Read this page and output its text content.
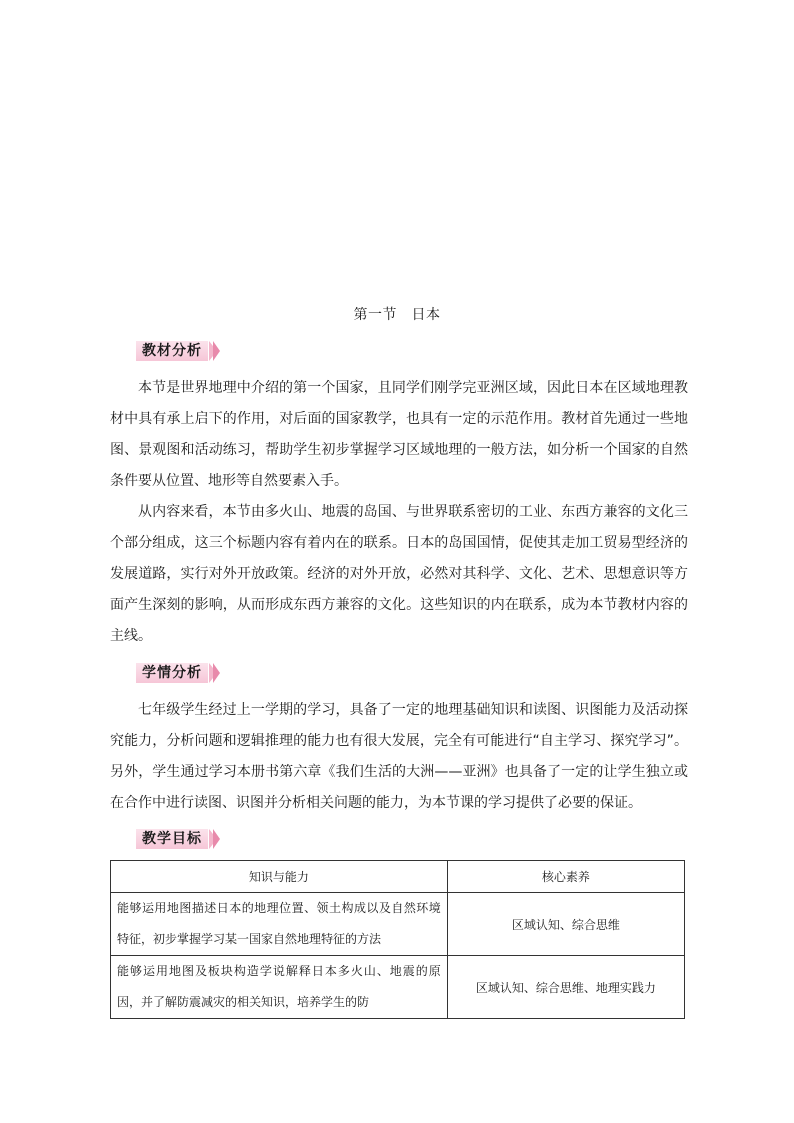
第一节　日本
教材分析

本节是世界地理中介绍的第一个国家，且同学们刚学完亚洲区域，因此日本在区域地理教材中具有承上启下的作用，对后面的国家教学，也具有一定的示范作用。教材首先通过一些地图、景观图和活动练习，帮助学生初步掌握学习区域地理的一般方法，如分析一个国家的自然条件要从位置、地形等自然要素入手。

从内容来看，本节由多火山、地震的岛国、与世界联系密切的工业、东西方兼容的文化三个部分组成，这三个标题内容有着内在的联系。日本的岛国国情，促使其走加工贸易型经济的发展道路，实行对外开放政策。经济的对外开放，必然对其科学、文化、艺术、思想意识等方面产生深刻的影响，从而形成东西方兼容的文化。这些知识的内在联系，成为本节教材内容的主线。

学情分析

七年级学生经过上一学期的学习，具备了一定的地理基础知识和读图、识图能力及活动探究能力，分析问题和逻辑推理的能力也有很大发展，完全有可能进行“自主学习、探究学习”。另外，学生通过学习本册书第六章《我们生活的大洲——亚洲》也具备了一定的让学生独立或在合作中进行读图、识图并分析相关问题的能力，为本节课的学习提供了必要的保证。

教学目标
知识与能力	核心素养
能够运用地图描述日本的地理位置、领土构成以及自然环境特征，初步掌握学习某一国家自然地理特征的方法	区域认知、综合思维

能够运用地图及板块构造学说解释日本多火山、地震的原因，并了解防震减灾的相关知识，培养学生的防	区域认知、综合思维、地理实践力
